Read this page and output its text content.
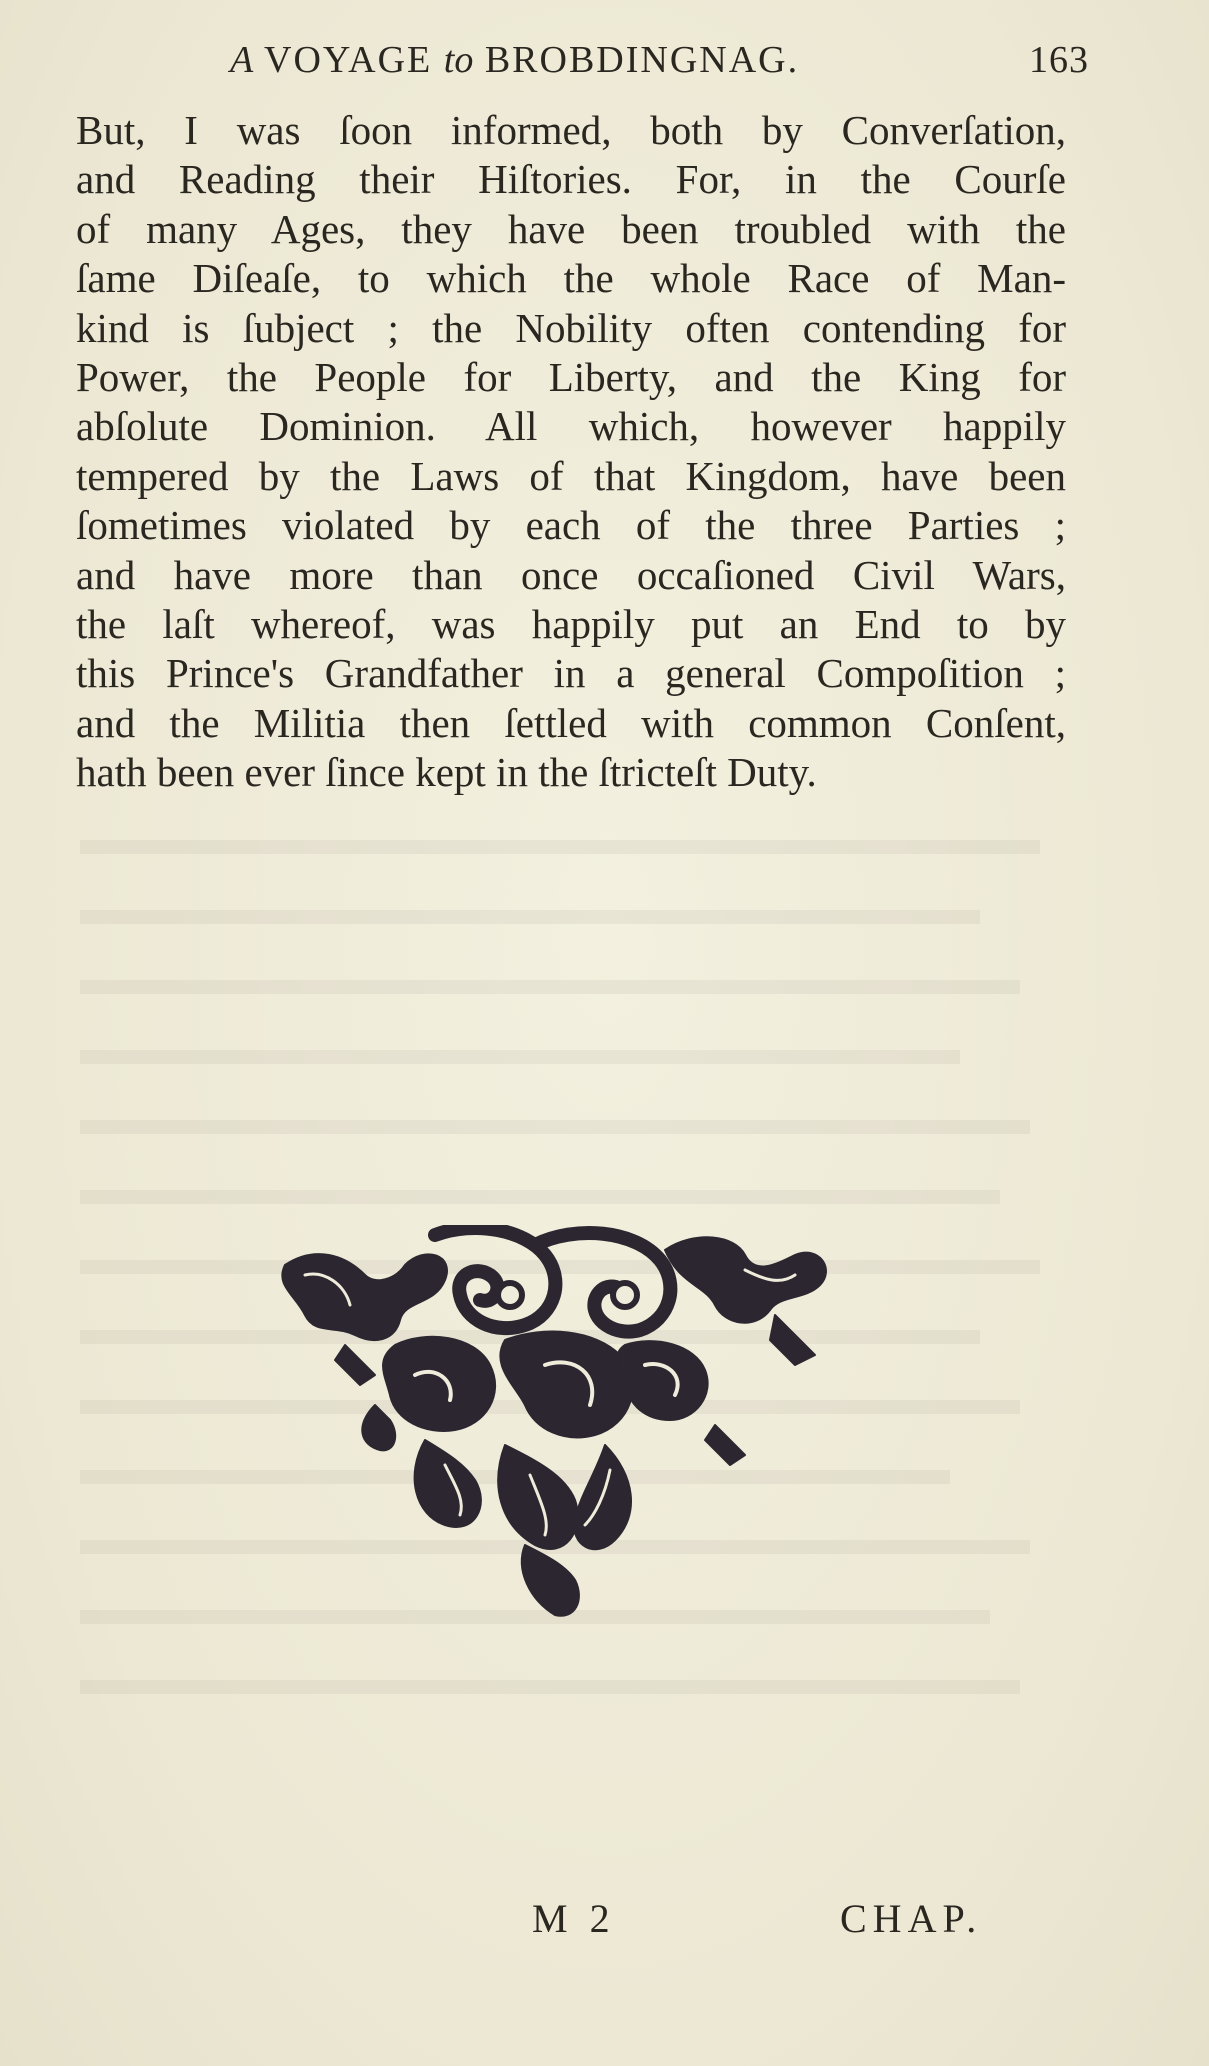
A VOYAGE to BROBDINGNAG.	163
But, I was ſoon informed, both by Converſation,
and Reading their Hiſtories. For, in the Courſe
of many Ages, they have been troubled with the
ſame Diſeaſe, to which the whole Race of Man-
kind is ſubject ; the Nobility often contending for
Power, the People for Liberty, and the King for
abſolute Dominion. All which, however happily
tempered by the Laws of that Kingdom, have been
ſometimes violated by each of the three Parties ;
and have more than once occaſioned Civil Wars,
the laſt whereof, was happily put an End to by
this Prince's Grandfather in a general Compoſition ;
and the Militia then ſettled with common Conſent,
hath been ever ſince kept in the ſtricteſt Duty.
M 2	CHAP.
